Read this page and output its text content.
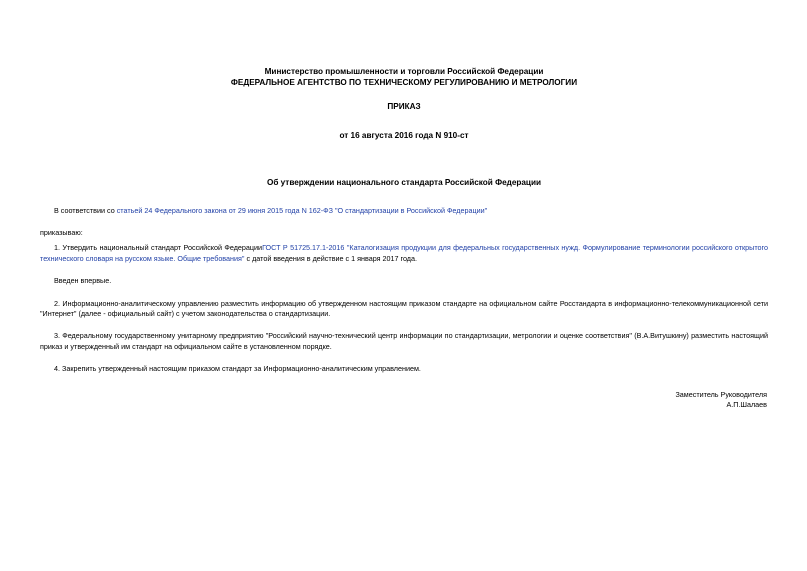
Министерство промышленности и торговли Российской Федерации
ФЕДЕРАЛЬНОЕ АГЕНТСТВО ПО ТЕХНИЧЕСКОМУ РЕГУЛИРОВАНИЮ И МЕТРОЛОГИИ
ПРИКАЗ
от 16 августа 2016 года N 910-ст
Об утверждении национального стандарта Российской Федерации

В соответствии со статьей 24 Федерального закона от 29 июня 2015 года N 162-ФЗ "О стандартизации в Российской Федерации"

приказываю:

1. Утвердить национальный стандарт Российской ФедерацииГОСТ Р 51725.17.1-2016 "Каталогизация продукции для федеральных государственных нужд. Формулирование терминологии российского открытого технического словаря на русском языке. Общие требования" с датой введения в действие с 1 января 2017 года.

Введен впервые.

2. Информационно-аналитическому управлению разместить информацию об утвержденном настоящим приказом стандарте на официальном сайте Росстандарта в информационно-телекоммуникационной сети "Интернет" (далее - официальный сайт) с учетом законодательства о стандартизации.

3. Федеральному государственному унитарному предприятию "Российский научно-технический центр информации по стандартизации, метрологии и оценке соответствия" (В.А.Витушкину) разместить настоящий приказ и утвержденный им стандарт на официальном сайте в установленном порядке.

4. Закрепить утвержденный настоящим приказом стандарт за Информационно-аналитическим управлением.

Заместитель Руководителя
А.П.Шалаев
